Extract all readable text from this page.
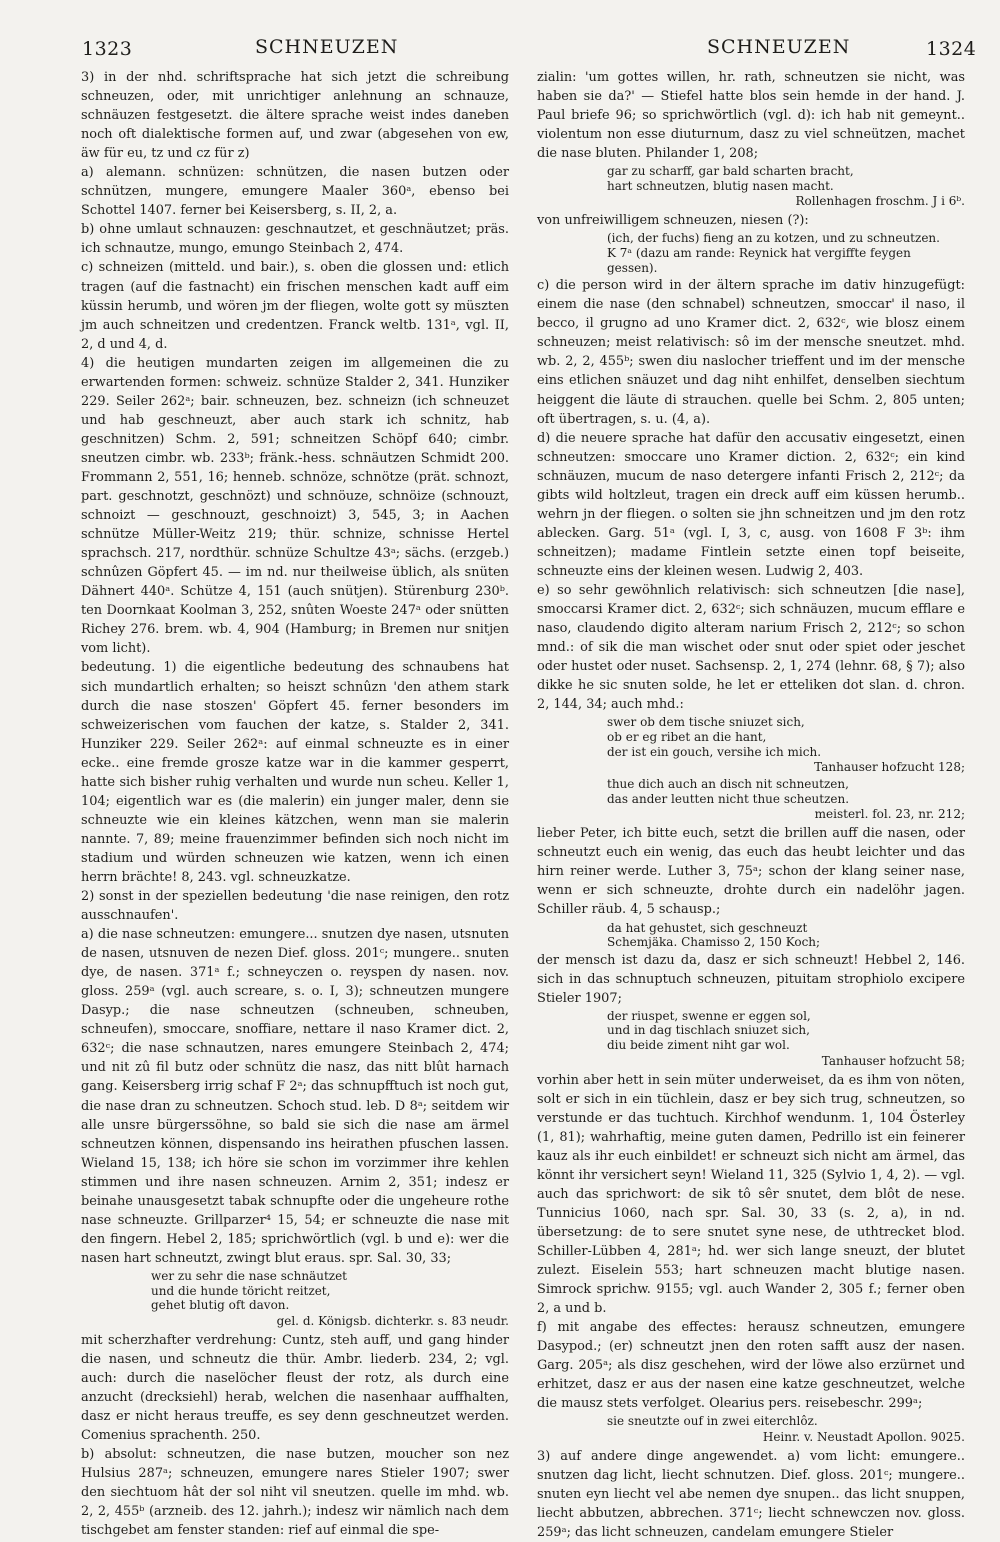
1323	SCHNEUZEN	SCHNEUZEN	1324

3) in der nhd. schriftsprache hat sich jetzt die schreibung schneuzen, oder, mit unrichtiger anlehnung an schnauze, schnäuzen festgesetzt. die ältere sprache weist indes daneben noch oft dialektische formen auf, und zwar (abgesehen von ew, äw für eu, tz und cz für z)

a) alemann. schnüzen: schnützen, die nasen butzen oder schnützen, mungere, emungere Maaler 360ᵃ, ebenso bei Schottel 1407. ferner bei Keisersberg, s. II, 2, a.

b) ohne umlaut schnauzen: geschnautzet, et geschnäutzet; präs. ich schnautze, mungo, emungo Steinbach 2, 474.

c) schneizen (mitteld. und bair.), s. oben die glossen und: etlich tragen (auf die fastnacht) ein frischen menschen kadt auff eim küssin herumb, und wören jm der fliegen, wolte gott sy müszten jm auch schneitzen und credentzen. Franck weltb. 131ᵃ, vgl. II, 2, d und 4, d.

4) die heutigen mundarten zeigen im allgemeinen die zu erwartenden formen: schweiz. schnüze Stalder 2, 341. Hunziker 229. Seiler 262ᵃ; bair. schneuzen, bez. schneizn (ich schneuzet und hab geschneuzt, aber auch stark ich schnitz, hab geschnitzen) Schm. 2, 591; schneitzen Schöpf 640; cimbr. sneutzen cimbr. wb. 233ᵇ; fränk.-hess. schnäutzen Schmidt 200. Frommann 2, 551, 16; henneb. schnöze, schnötze (prät. schnozt, part. geschnotzt, geschnözt) und schnöuze, schnöize (schnouzt, schnoizt — geschnouzt, geschnoizt) 3, 545, 3; in Aachen schnütze Müller-Weitz 219; thür. schnize, schnisse Hertel sprachsch. 217, nordthür. schnüze Schultze 43ᵃ; sächs. (erzgeb.) schnûzen Göpfert 45. — im nd. nur theilweise üblich, als snüten Dähnert 440ᵃ. Schütze 4, 151 (auch snütjen). Stürenburg 230ᵇ. ten Doornkaat Koolman 3, 252, snûten Woeste 247ᵃ oder snütten Richey 276. brem. wb. 4, 904 (Hamburg; in Bremen nur snitjen vom licht).

bedeutung. 1) die eigentliche bedeutung des schnaubens hat sich mundartlich erhalten; so heiszt schnûzn 'den athem stark durch die nase stoszen' Göpfert 45. ferner besonders im schweizerischen vom fauchen der katze, s. Stalder 2, 341. Hunziker 229. Seiler 262ᵃ: auf einmal schneuzte es in einer ecke.. eine fremde grosze katze war in die kammer gesperrt, hatte sich bisher ruhig verhalten und wurde nun scheu. Keller 1, 104; eigentlich war es (die malerin) ein junger maler, denn sie schneuzte wie ein kleines kätzchen, wenn man sie malerin nannte. 7, 89; meine frauenzimmer befinden sich noch nicht im stadium und würden schneuzen wie katzen, wenn ich einen herrn brächte! 8, 243. vgl. schneuzkatze.

2) sonst in der speziellen bedeutung 'die nase reinigen, den rotz ausschnaufen'.

a) die nase schneutzen: emungere... snutzen dye nasen, utsnuten de nasen, utsnuven de nezen Dief. gloss. 201ᶜ; mungere.. snuten dye, de nasen. 371ᵃ f.; schneyczen o. reyspen dy nasen. nov. gloss. 259ᵃ (vgl. auch screare, s. o. I, 3); schneutzen mungere Dasyp.; die nase schneutzen (schneuben, schneuben, schneufen), smoccare, snoffiare, nettare il naso Kramer dict. 2, 632ᶜ; die nase schnautzen, nares emungere Steinbach 2, 474; und nit zû fil butz oder schnütz die nasz, das nitt blût harnach gang. Keisersberg irrig schaf F 2ᵃ; das schnupfftuch ist noch gut, die nase dran zu schneutzen. Schoch stud. leb. D 8ᵃ; seitdem wir alle unsre bürgerssöhne, so bald sie sich die nase am ärmel schneutzen können, dispensando ins heirathen pfuschen lassen. Wieland 15, 138; ich höre sie schon im vorzimmer ihre kehlen stimmen und ihre nasen schneuzen. Arnim 2, 351; indesz er beinahe unausgesetzt tabak schnupfte oder die ungeheure rothe nase schneuzte. Grillparzer⁴ 15, 54; er schneuzte die nase mit den fingern. Hebel 2, 185; sprichwörtlich (vgl. b und e): wer die nasen hart schneutzt, zwingt blut eraus. spr. Sal. 30, 33;

wer zu sehr die nase schnäutzet
und die hunde töricht reitzet,
gehet blutig oft davon.

gel. d. Königsb. dichterkr. s. 83 neudr.

mit scherzhafter verdrehung: Cuntz, steh auff, und gang hinder die nasen, und schneutz die thür. Ambr. liederb. 234, 2; vgl. auch: durch die naselöcher fleust der rotz, als durch eine anzucht (drecksiehl) herab, welchen die nasenhaar auffhalten, dasz er nicht heraus treuffe, es sey denn geschneutzet werden. Comenius sprachenth. 250.

b) absolut: schneutzen, die nase butzen, moucher son nez Hulsius 287ᵃ; schneuzen, emungere nares Stieler 1907; swer den siechtuom hât der sol niht vil sneutzen. quelle im mhd. wb. 2, 2, 455ᵇ (arzneib. des 12. jahrh.); indesz wir nämlich nach dem tischgebet am fenster standen: rief auf einmal die spe-

zialin: 'um gottes willen, hr. rath, schneutzen sie nicht, was haben sie da?' — Stiefel hatte blos sein hemde in der hand. J. Paul briefe 96; so sprichwörtlich (vgl. d): ich hab nit gemeynt.. violentum non esse diuturnum, dasz zu viel schneützen, machet die nase bluten. Philander 1, 208;

gar zu scharff, gar bald scharten bracht,
hart schneutzen, blutig nasen macht.

Rollenhagen froschm. J i 6ᵇ.

von unfreiwilligem schneuzen, niesen (?):

(ich, der fuchs) fieng an zu kotzen, und zu schneutzen.
K 7ᵃ (dazu am rande: Reynick hat vergiffte feygen gessen).

c) die person wird in der ältern sprache im dativ hinzugefügt: einem die nase (den schnabel) schneutzen, smoccar' il naso, il becco, il grugno ad uno Kramer dict. 2, 632ᶜ, wie blosz einem schneuzen; meist relativisch: sô im der mensche sneutzet. mhd. wb. 2, 2, 455ᵇ; swen diu naslocher trieffent und im der mensche eins etlichen snäuzet und dag niht enhilfet, denselben siechtum heiggent die läute di strauchen. quelle bei Schm. 2, 805 unten; oft übertragen, s. u. (4, a).

d) die neuere sprache hat dafür den accusativ eingesetzt, einen schneutzen: smoccare uno Kramer diction. 2, 632ᶜ; ein kind schnäuzen, mucum de naso detergere infanti Frisch 2, 212ᶜ; da gibts wild holtzleut, tragen ein dreck auff eim küssen herumb.. wehrn jn der fliegen. o solten sie jhn schneitzen und jm den rotz ablecken. Garg. 51ᵃ (vgl. I, 3, c, ausg. von 1608 F 3ᵇ: ihm schneitzen); madame Fintlein setzte einen topf beiseite, schneuzte eins der kleinen wesen. Ludwig 2, 403.

e) so sehr gewöhnlich relativisch: sich schneutzen [die nase], smoccarsi Kramer dict. 2, 632ᶜ; sich schnäuzen, mucum efflare e naso, claudendo digito alteram narium Frisch 2, 212ᶜ; so schon mnd.: of sik die man wischet oder snut oder spiet oder jeschet oder hustet oder nuset. Sachsensp. 2, 1, 274 (lehnr. 68, § 7); also dikke he sic snuten solde, he let er etteliken dot slan. d. chron. 2, 144, 34; auch mhd.:

swer ob dem tische sniuzet sich,
ob er eg ribet an die hant,
der ist ein gouch, versihe ich mich.

Tanhauser hofzucht 128;

thue dich auch an disch nit schneutzen,
das ander leutten nicht thue scheutzen.

meisterl. fol. 23, nr. 212;

lieber Peter, ich bitte euch, setzt die brillen auff die nasen, oder schneutzt euch ein wenig, das euch das heubt leichter und das hirn reiner werde. Luther 3, 75ᵃ; schon der klang seiner nase, wenn er sich schneuzte, drohte durch ein nadelöhr jagen. Schiller räub. 4, 5 schausp.;

da hat gehustet, sich geschneuzt
Schemjäka. Chamisso 2, 150 Koch;

der mensch ist dazu da, dasz er sich schneuzt! Hebbel 2, 146. sich in das schnuptuch schneuzen, pituitam strophiolo excipere Stieler 1907;

der riuspet, swenne er eggen sol,
und in dag tischlach sniuzet sich,
diu beide ziment niht gar wol.

Tanhauser hofzucht 58;

vorhin aber hett in sein müter underweiset, da es ihm von nöten, solt er sich in ein tüchlein, dasz er bey sich trug, schneutzen, so verstunde er das tuchtuch. Kirchhof wendunm. 1, 104 Österley (1, 81); wahrhaftig, meine guten damen, Pedrillo ist ein feinerer kauz als ihr euch einbildet! er schneuzt sich nicht am ärmel, das könnt ihr versichert seyn! Wieland 11, 325 (Sylvio 1, 4, 2). — vgl. auch das sprichwort: de sik tô sêr snutet, dem blôt de nese. Tunnicius 1060, nach spr. Sal. 30, 33 (s. 2, a), in nd. übersetzung: de to sere snutet syne nese, de uthtrecket blod. Schiller-Lübben 4, 281ᵃ; hd. wer sich lange sneuzt, der blutet zulezt. Eiselein 553; hart schneuzen macht blutige nasen. Simrock sprichw. 9155; vgl. auch Wander 2, 305 f.; ferner oben 2, a und b.

f) mit angabe des effectes: herausz schneutzen, emungere Dasypod.; (er) schneutzt jnen den roten safft ausz der nasen. Garg. 205ᵃ; als disz geschehen, wird der löwe also erzürnet und erhitzet, dasz er aus der nasen eine katze geschneutzet, welche die mausz stets verfolget. Olearius pers. reisebeschr. 299ᵃ;

sie sneutzte ouf in zwei eiterchlôz.

Heinr. v. Neustadt Apollon. 9025.

3) auf andere dinge angewendet. a) vom licht: emungere.. snutzen dag licht, liecht schnutzen. Dief. gloss. 201ᶜ; mungere.. snuten eyn liecht vel abe nemen dye snupen.. das licht snuppen, liecht abbutzen, abbrechen. 371ᶜ; liecht schnewczen nov. gloss. 259ᵃ; das licht schneuzen, candelam emungere Stieler
